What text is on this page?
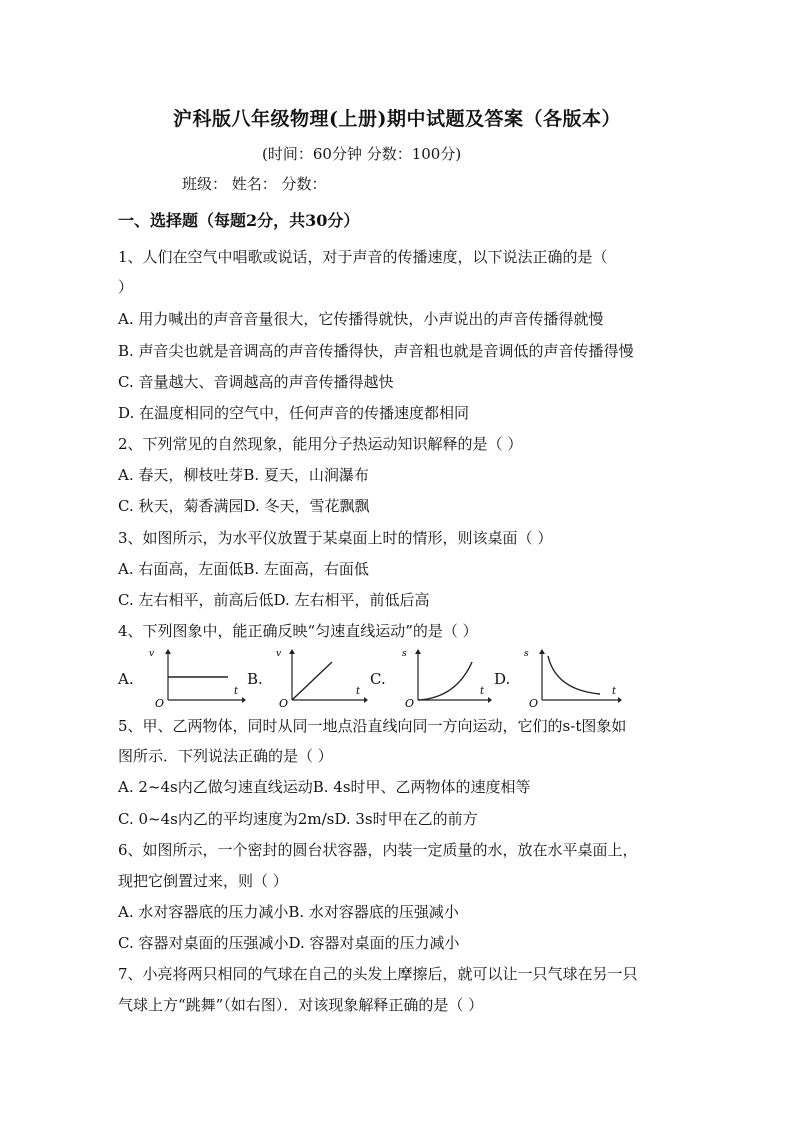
沪科版八年级物理(上册)期中试题及答案（各版本）
(时间：60分钟 分数：100分)
班级： 姓名： 分数：
一、选择题（每题2分，共30分）
1、人们在空气中唱歌或说话，对于声音的传播速度，以下说法正确的是（
）
A. 用力喊出的声音音量很大，它传播得就快，小声说出的声音传播得就慢
B. 声音尖也就是音调高的声音传播得快，声音粗也就是音调低的声音传播得慢
C. 音量越大、音调越高的声音传播得越快
D. 在温度相同的空气中，任何声音的传播速度都相同
2、下列常见的自然现象，能用分子热运动知识解释的是（ ）
A. 春天，柳枝吐芽B. 夏天，山涧瀑布
C. 秋天，菊香满园D. 冬天，雪花飘飘
3、如图所示，为水平仪放置于某桌面上时的情形，则该桌面（ ）
A. 右面高，左面低B. 左面高，右面低
C. 左右相平，前高后低D. 左右相平，前低后高
4、下列图象中，能正确反映“匀速直线运动”的是（ ）
A.
v
O
t
B.
v
O
t
C.
s
O
t
D.
s
O
t
5、甲、乙两物体，同时从同一地点沿直线向同一方向运动，它们的s-t图象如
图所示．下列说法正确的是（ ）
A. 2~4s内乙做匀速直线运动B. 4s时甲、乙两物体的速度相等
C. 0~4s内乙的平均速度为2m/sD. 3s时甲在乙的前方
6、如图所示，一个密封的圆台状容器，内装一定质量的水，放在水平桌面上，
现把它倒置过来，则（ ）
A. 水对容器底的压力减小B. 水对容器底的压强减小
C. 容器对桌面的压强减小D. 容器对桌面的压力减小
7、小亮将两只相同的气球在自己的头发上摩擦后，就可以让一只气球在另一只
气球上方“跳舞”（如右图）．对该现象解释正确的是（ ）
